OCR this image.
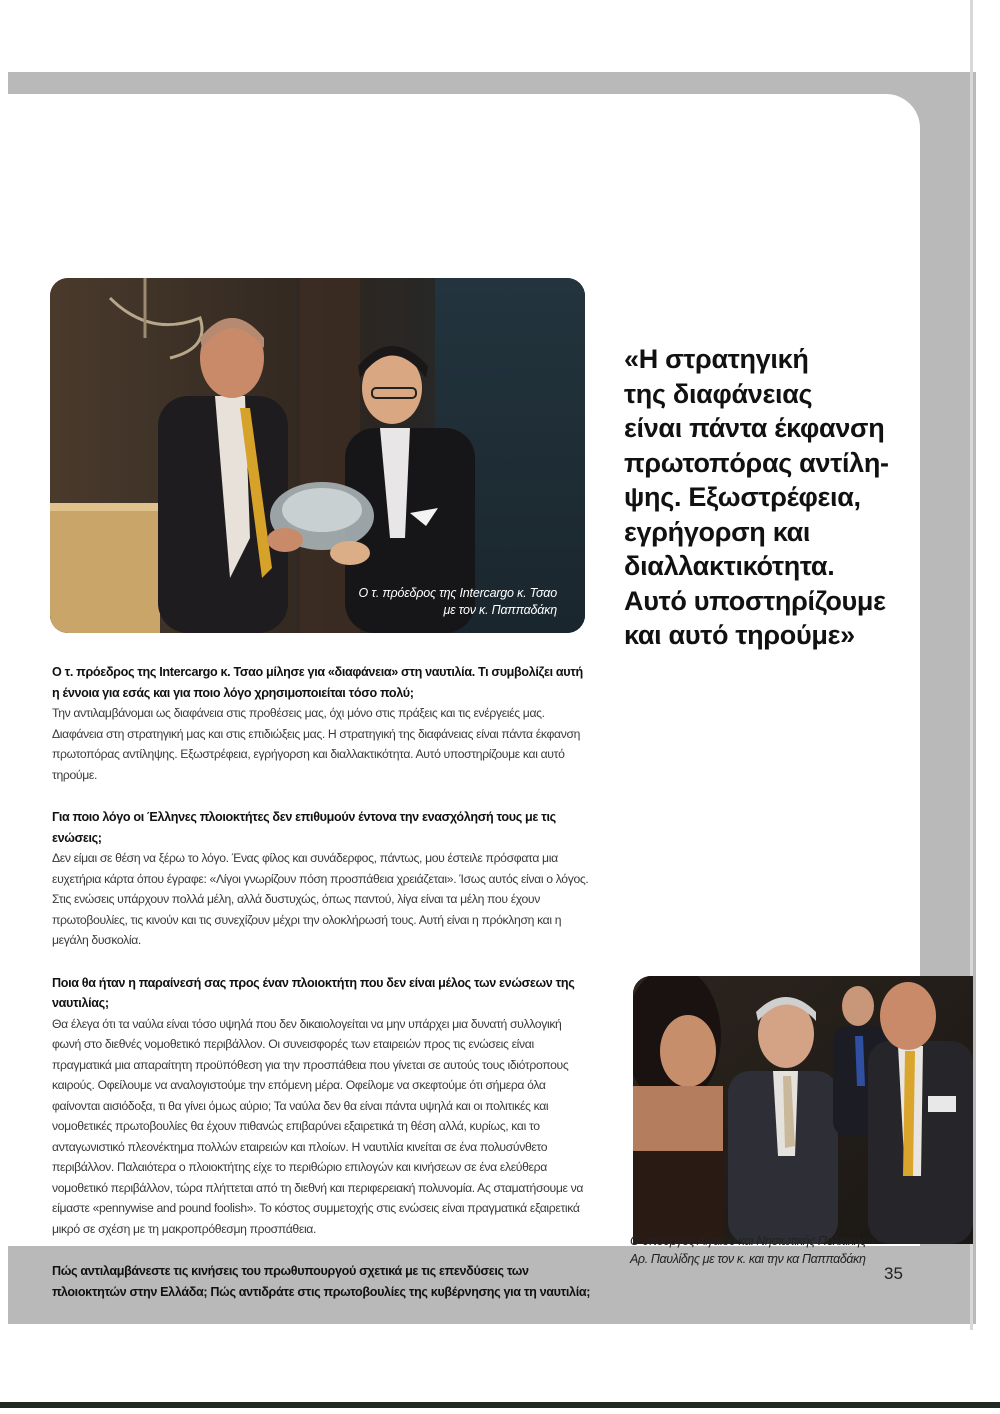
Ο τ. πρόεδρος της Intercargo κ. Τσαο
με τον κ. Παππαδάκη
«Η στρατηγική
της διαφάνειας
είναι πάντα έκφανση
πρωτοπόρας αντίλη-
ψης. Εξωστρέφεια,
εγρήγορση και
διαλλακτικότητα.
Αυτό υποστηρίζουμε
και αυτό τηρούμε»

Ο τ. πρόεδρος της Intercargo κ. Τσαο μίλησε για «διαφάνεια» στη ναυτιλία. Τι συμβολίζει αυτή η έννοια για εσάς και για ποιο λόγο χρησιμοποιείται τόσο πολύ;

Την αντιλαμβάνομαι ως διαφάνεια στις προθέσεις μας, όχι μόνο στις πράξεις και τις ενέργειές μας. Διαφάνεια στη στρατηγική μας και στις επιδιώξεις μας. Η στρατηγική της διαφάνειας είναι πάντα έκφανση πρωτοπόρας αντίληψης. Εξωστρέφεια, εγρήγορση και διαλλακτικότητα. Αυτό υποστηρίζουμε και αυτό τηρούμε.

Για ποιο λόγο οι Έλληνες πλοιοκτήτες δεν επιθυμούν έντονα την ενασχόλησή τους με τις ενώσεις;

Δεν είμαι σε θέση να ξέρω το λόγο. Ένας φίλος και συνάδερφος, πάντως, μου έστειλε πρόσφατα μια ευχετήρια κάρτα όπου έγραφε: «Λίγοι γνωρίζουν πόση προσπάθεια χρειάζεται». Ίσως αυτός είναι ο λόγος. Στις ενώσεις υπάρχουν πολλά μέλη, αλλά δυστυχώς, όπως παντού, λίγα είναι τα μέλη που έχουν πρωτοβουλίες, τις κινούν και τις συνεχίζουν μέχρι την ολοκλήρωσή τους. Αυτή είναι η πρόκληση και η μεγάλη δυσκολία.

Ποια θα ήταν η παραίνεσή σας προς έναν πλοιοκτήτη που δεν είναι μέλος των ενώσεων της ναυτιλίας;

Θα έλεγα ότι τα ναύλα είναι τόσο υψηλά που δεν δικαιολογείται να μην υπάρχει μια δυνατή συλλογική φωνή στο διεθνές νομοθετικό περιβάλλον. Οι συνεισφορές των εταιρειών προς τις ενώσεις είναι πραγματικά μια απαραίτητη προϋπόθεση για την προσπάθεια που γίνεται σε αυτούς τους ιδιότροπους καιρούς. Οφείλουμε να αναλογιστούμε την επόμενη μέρα. Οφείλομε να σκεφτούμε ότι σήμερα όλα φαίνονται αισιόδοξα, τι θα γίνει όμως αύριο; Τα ναύλα δεν θα είναι πάντα υψηλά και οι πολιτικές και νομοθετικές πρωτοβουλίες θα έχουν πιθανώς επιβαρύνει εξαιρετικά τη θέση αλλά, κυρίως, και το ανταγωνιστικό πλεονέκτημα πολλών εταιρειών και πλοίων. Η ναυτιλία κινείται σε ένα πολυσύνθετο περιβάλλον. Παλαιότερα ο πλοιοκτήτης είχε το περιθώριο επιλογών και κινήσεων σε ένα ελεύθερα νομοθετικό περιβάλλον, τώρα πλήττεται από τη διεθνή και περιφερειακή πολυνομία. Ας σταματήσουμε να είμαστε «pennywise and pound foolish». Το κόστος συμμετοχής στις ενώσεις είναι πραγματικά εξαιρετικά μικρό σε σχέση με τη μακροπρόθεσμη προσπάθεια.

Πώς αντιλαμβάνεστε τις κινήσεις του πρωθυπουργού σχετικά με τις επενδύσεις των πλοιοκτητών στην Ελλάδα; Πώς αντιδράτε στις πρωτοβουλίες της κυβέρνησης για τη ναυτιλία;

Ο υπουργός Αιγαίου και Νησιωτικής Πολιτικής
Αρ. Παυλίδης με τον κ. και την κα Παππαδάκη
35
